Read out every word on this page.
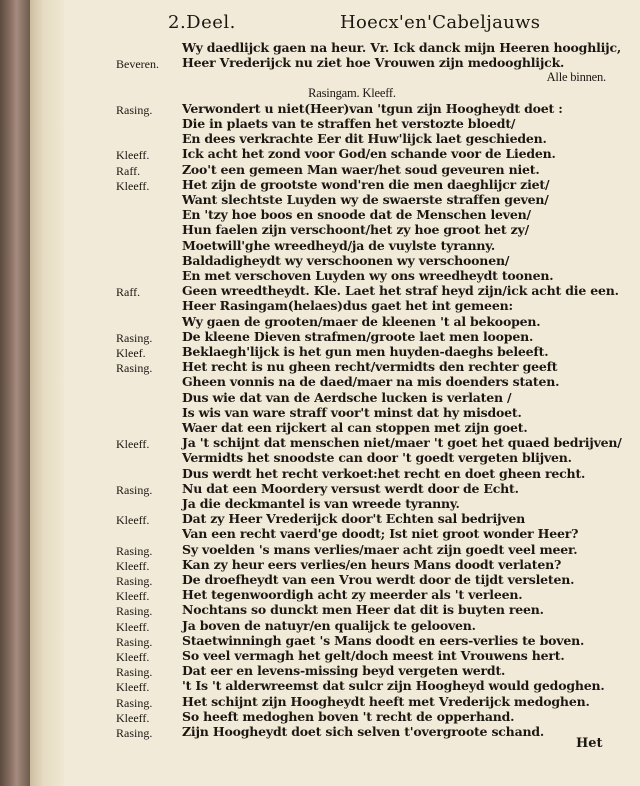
2.Deel.	Hoecx'en'Cabeljauws
Wy daedlijck gaen na heur. Vr. Ick danck mijn Heeren hooghlijc,
Beveren. Heer Vrederijck nu ziet hoe Vrouwen zijn medooghlijck.
Alle binnen.
Rasingam. Kleeff.
Rasing. Verwondert u niet(Heer)van 'tgun zijn Hoogheydt doet :
Die in plaets van te straffen het verstozte bloedt/
En dees verkrachte Eer dit Huw'lijck laet geschieden.
Kleeff.	Ick acht het zond voor God/en schande voor de Lieden.
Raff.	Zoo't een gemeen Man waer/het soud geveuren niet.
Kleeff.	Het zijn de grootste wond'ren die men daeghlijcr ziet/
Want slechtste Luyden wy de swaerste straffen geven/
En 'tzy hoe boos en snoode dat de Menschen leven/
Hun faelen zijn verschoont/het zy hoe groot het zy/
Moetwill'ghe wreedheyd/ja de vuylste tyranny.
Baldadigheydt wy verschoonen wy verschoonen/
En met verschoven Luyden wy ons wreedheydt toonen.
Raff.	Geen wreedtheydt. Kle. Laet het straf heyd zijn/ick acht die een.
Heer Rasingam(helaes)dus gaet het int gemeen:
Wy gaen de grooten/maer de kleenen 't al bekoopen.
Rasing. De kleene Dieven strafmen/groote laet men loopen.
Kleef.	Beklaegh'lijck is het gun men huyden-daeghs beleeft.
Rasing. Het recht is nu gheen recht/vermidts den rechter geeft
Gheen vonnis na de daed/maer na mis doenders staten.
Dus wie dat van de Aerdsche lucken is verlaten /
Is wis van ware straff voor't minst dat hy misdoet.
Waer dat een rijckert al can stoppen met zijn goet.
Kleeff.	Ja 't schijnt dat menschen niet/maer 't goet het quaed bedrijven/
Vermidts het snoodste can door 't goedt vergeten blijven.
Dus werdt het recht verkoet:het recht en doet gheen recht.
Rasing. Nu dat een Moordery versust werdt door de Echt.
Ja die deckmantel is van wreede tyranny.
Kleeff.	Dat zy Heer Vrederijck door't Echten sal bedrijven
Van een recht vaerd'ge doodt; Ist niet groot wonder Heer?
Rasing. Sy voelden 's mans verlies/maer acht zijn goedt veel meer.
Kleeff.	Kan zy heur eers verlies/en heurs Mans doodt verlaten?
Rasing. De droefheydt van een Vrou werdt door de tijdt versleten.
Kleeff.	Het tegenwoordigh acht zy meerder als 't verleen.
Rasing. Nochtans so dunckt men Heer dat dit is buyten reen.
Kleeff.	Ja boven de natuyr/en qualijck te gelooven.
Rasing. Staetwinningh gaet 's Mans doodt en eers-verlies te boven.
Kleeff.	So veel vermagh het gelt/doch meest int Vrouwens hert.
Rasing. Dat eer en levens-missing beyd vergeten werdt.
Kleeff.	't Is 't alderwreemst dat sulcr zijn Hoogheyd would gedoghen.
Rasing. Het schijnt zijn Hoogheydt heeft met Vrederijck medoghen.
Kleeff.	So heeft medoghen boven 't recht de opperhand.
Rasing. Zijn Hoogheydt doet sich selven t'overgroote schand.
Het
